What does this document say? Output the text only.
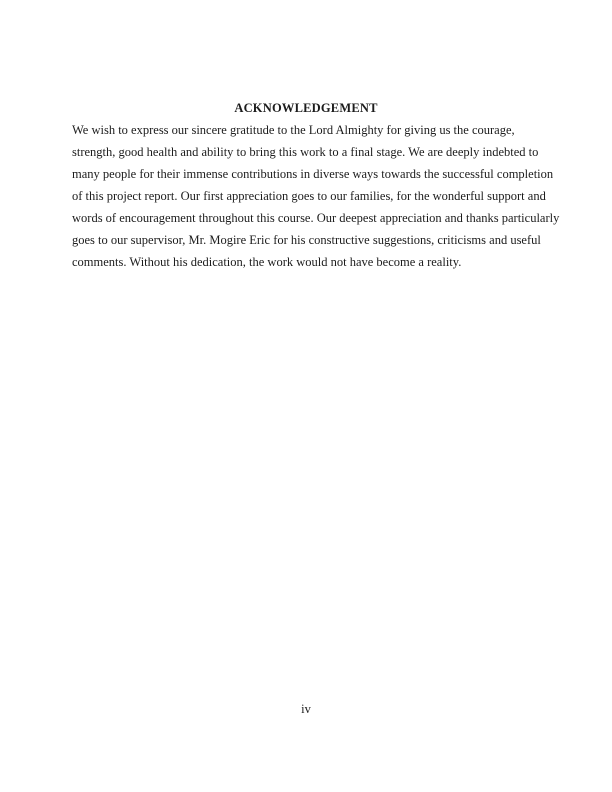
ACKNOWLEDGEMENT
We wish to express our sincere gratitude to the Lord Almighty for giving us the courage,
strength, good health and ability to bring this work to a final stage. We are deeply indebted to
many people for their immense contributions in diverse ways towards the successful completion
of this project report. Our first appreciation goes to our families, for the wonderful support and
words of encouragement throughout this course. Our deepest appreciation and thanks particularly
goes to our supervisor, Mr. Mogire Eric for his constructive suggestions, criticisms and useful
comments. Without his dedication, the work would not have become a reality.
iv
